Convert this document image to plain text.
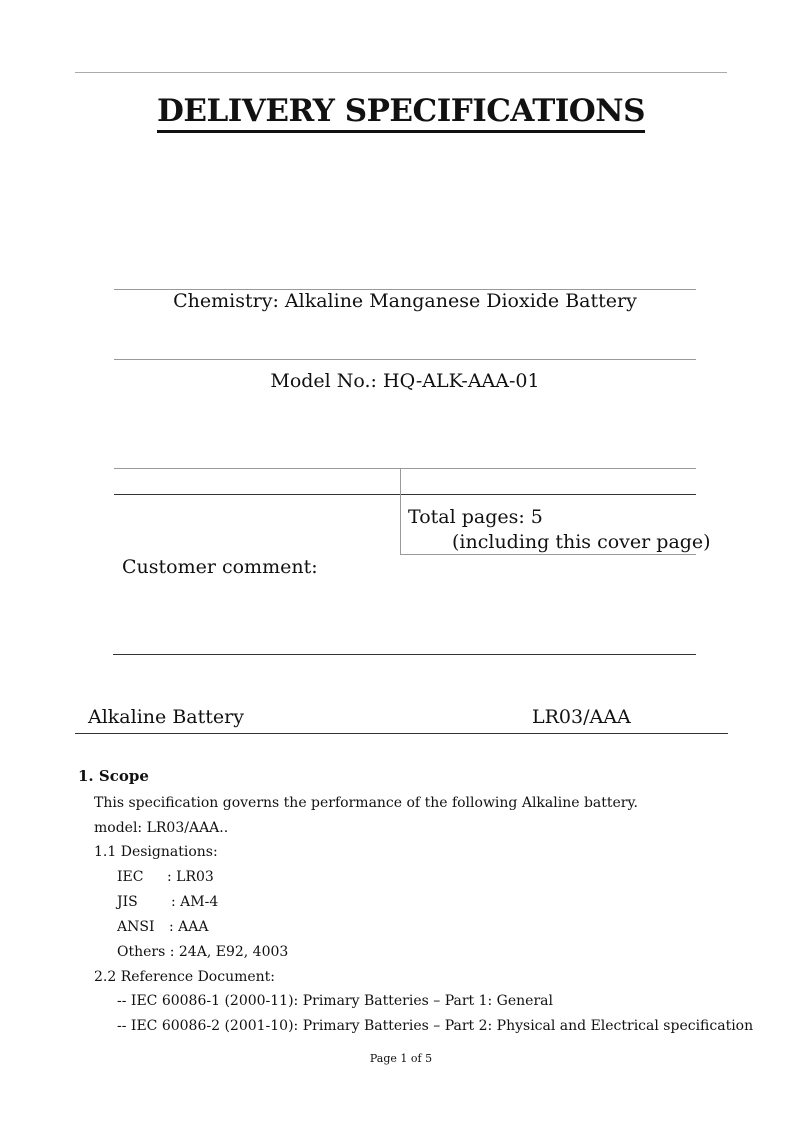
DELIVERY SPECIFICATIONS
Chemistry: Alkaline Manganese Dioxide Battery
Model No.: HQ-ALK-AAA-01
Total pages: 5
(including this cover page)
Customer comment:
Alkaline Battery	LR03/AAA
1. Scope
This specification governs the performance of the following Alkaline battery.
model: LR03/AAA..
1.1 Designations:
IEC : LR03
JIS : AM-4
ANSI : AAA
Others : 24A, E92, 4003
2.2 Reference Document:
-- IEC 60086-1 (2000-11): Primary Batteries – Part 1: General
-- IEC 60086-2 (2001-10): Primary Batteries – Part 2: Physical and Electrical specification
Page 1 of 5
